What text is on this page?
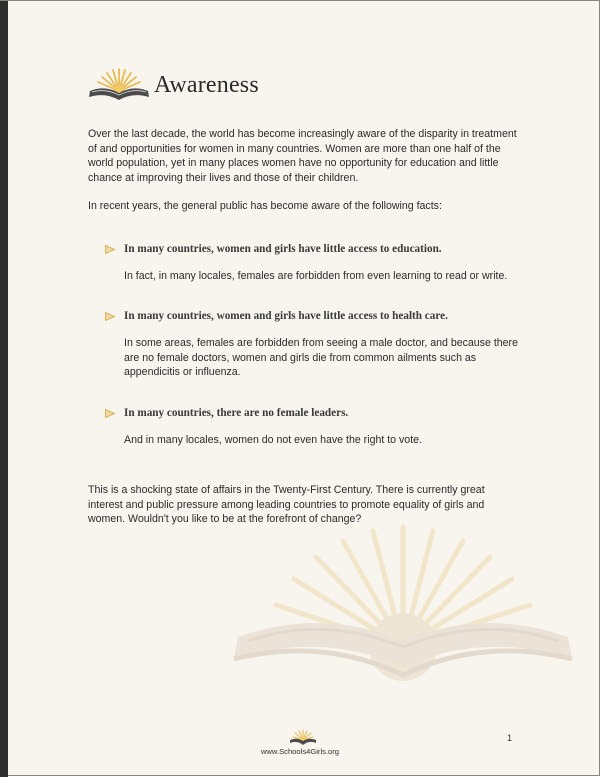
Awareness

Over the last decade, the world has become increasingly aware of the disparity in treatment of and opportunities for women in many countries. Women are more than one half of the world population, yet in many places women have no opportunity for education and little chance at improving their lives and those of their children.

In recent years, the general public has become aware of the following facts:

In many countries, women and girls have little access to education.

In fact, in many locales, females are forbidden from even learning to read or write.

In many countries, women and girls have little access to health care.

In some areas, females are forbidden from seeing a male doctor, and because there are no female doctors, women and girls die from common ailments such as appendicitis or influenza.

In many countries, there are no female leaders.

And in many locales, women do not even have the right to vote.

This is a shocking state of affairs in the Twenty-First Century. There is currently great interest and public pressure among leading countries to promote equality of girls and women. Wouldn't you like to be at the forefront of change?

www.Schools4Girls.org
1
